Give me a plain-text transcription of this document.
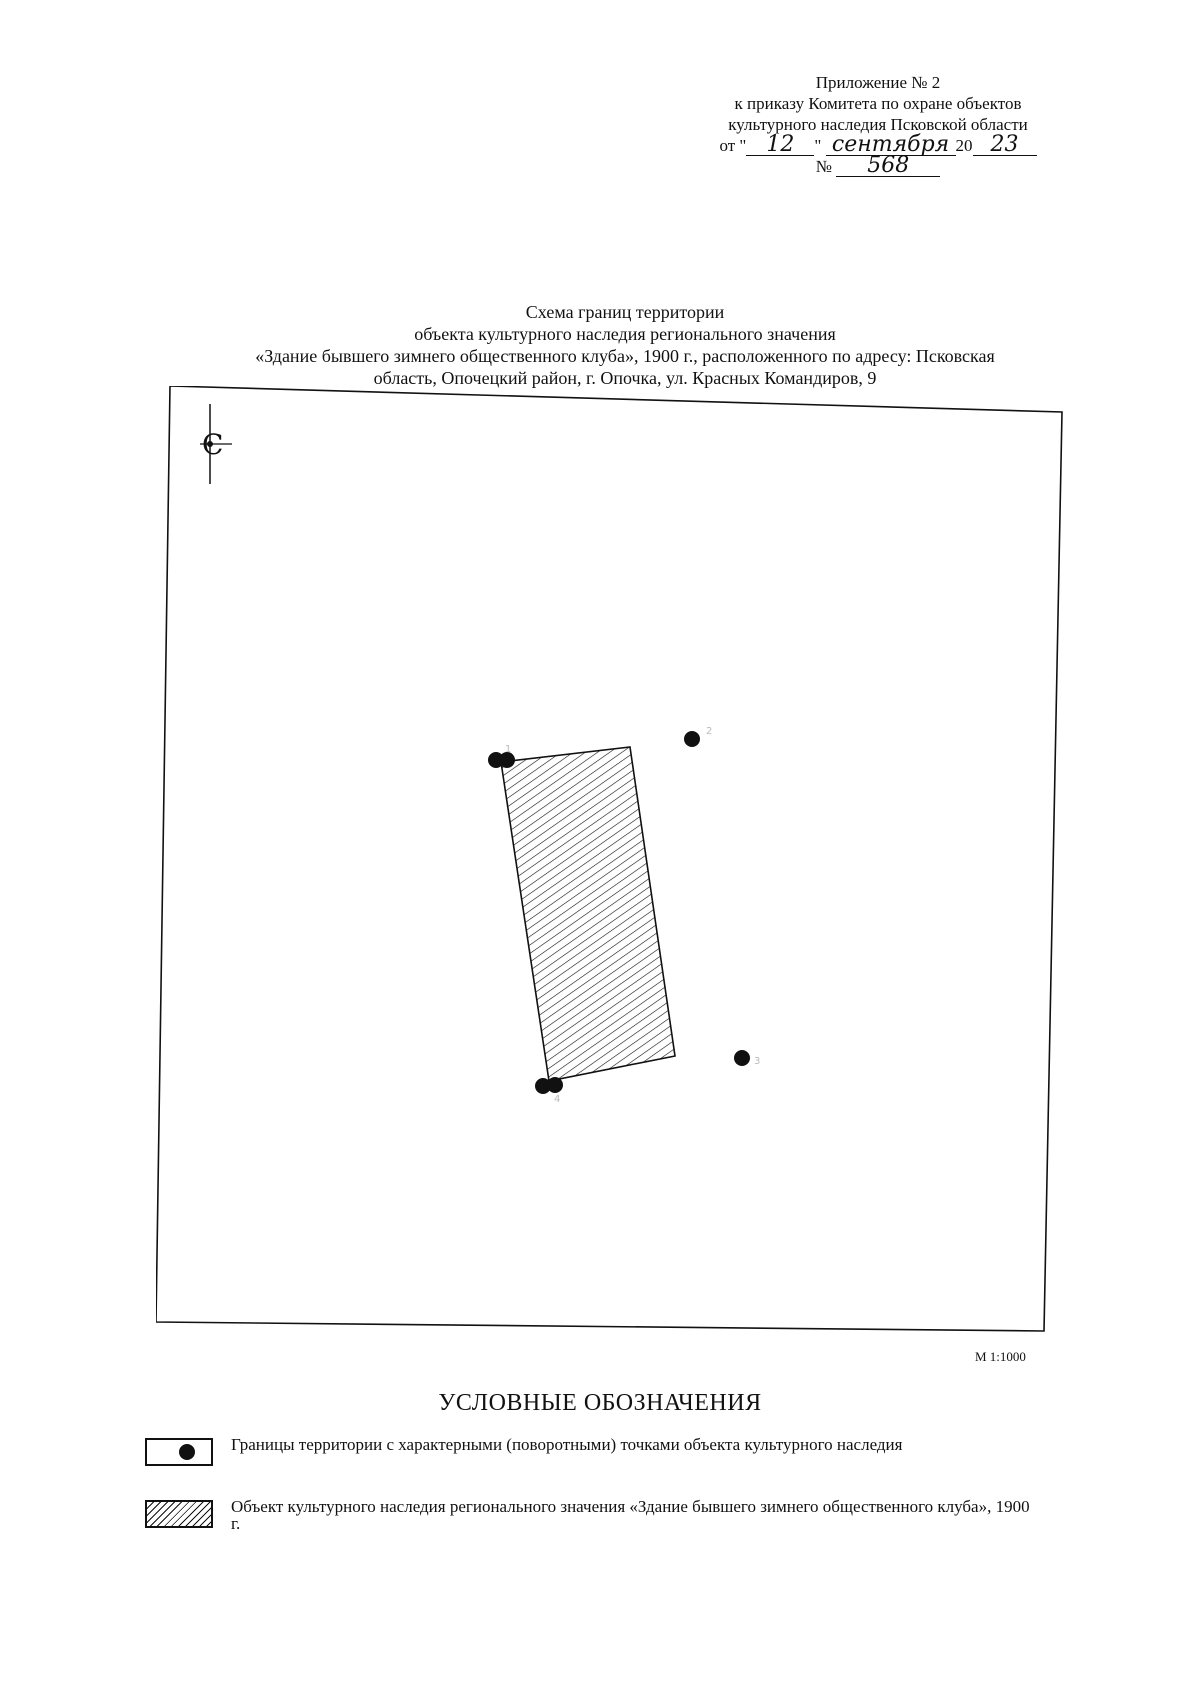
Приложение № 2
к приказу Комитета по охране объектов
культурного наследия Псковской области
от " 12 " сентября 20 23
№ 568
Схема границ территории
объекта культурного наследия регионального значения
«Здание бывшего зимнего общественного клуба», 1900 г., расположенного по адресу: Псковская
область, Опочецкий район, г. Опочка, ул. Красных Командиров, 9
С
1
2
3
4
М 1:1000
УСЛОВНЫЕ ОБОЗНАЧЕНИЯ
Границы территории с характерными (поворотными) точками объекта культурного наследия
Объект культурного наследия регионального значения «Здание бывшего зимнего общественного клуба», 1900 г.
